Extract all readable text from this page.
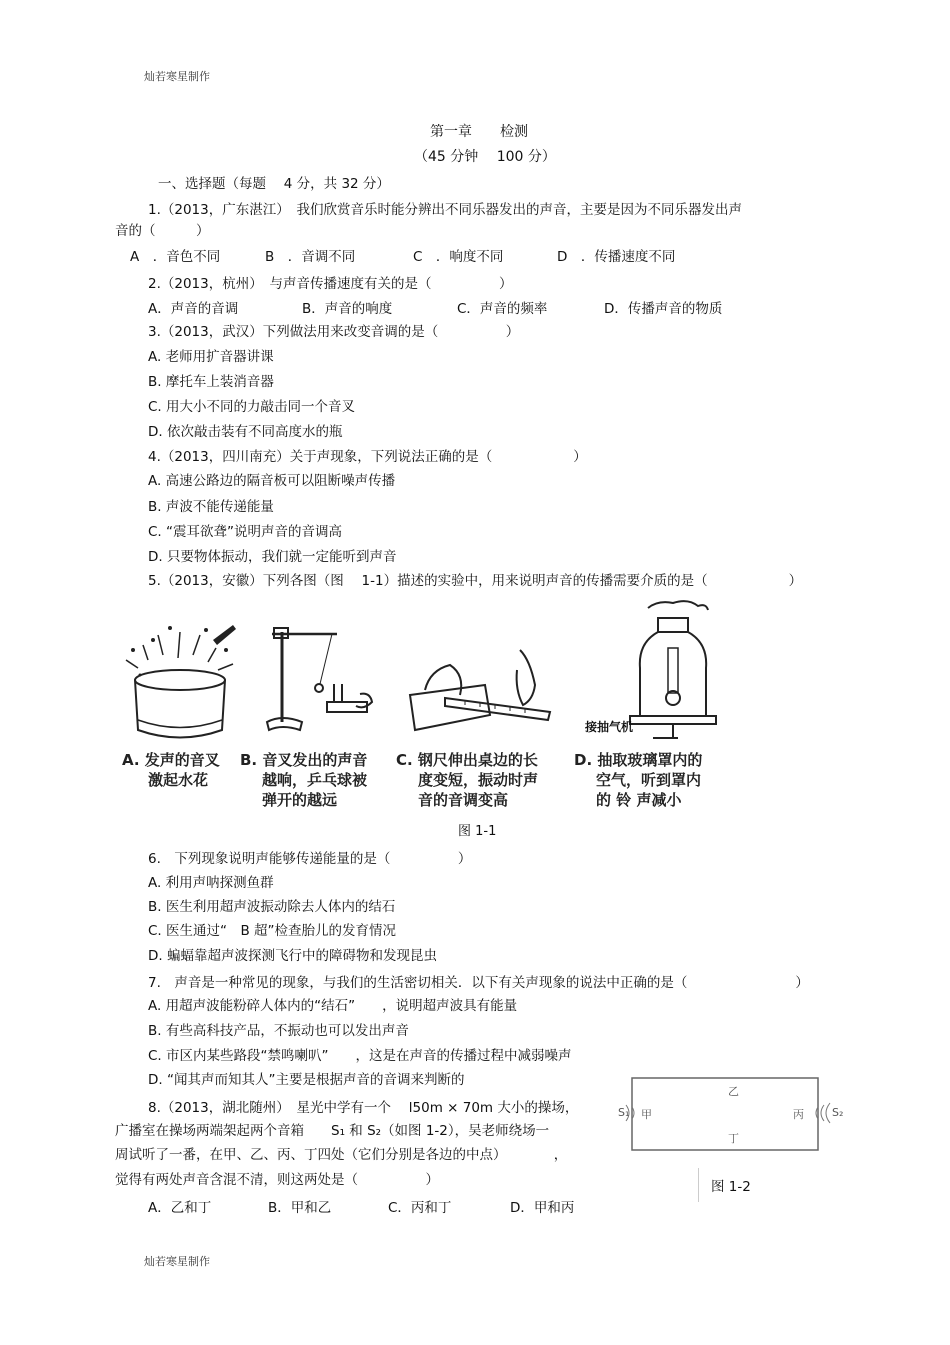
灿若寒星制作
灿若寒星制作
第一章　　检测
（45 分钟　 100 分）
一、选择题（每题　 4 分，共 32 分）
1.（2013，广东湛江）　我们欣赏音乐时能分辨出不同乐器发出的声音，主要是因为不同乐器发出声
音的（　　　）
A　．音色不同	B　．音调不同	C　．响度不同	D　．传播速度不同
2.（2013，杭州）　与声音传播速度有关的是（　　　　　）
A．声音的音调	B．声音的响度	C．声音的频率	D．传播声音的物质
3.（2013，武汉）下列做法用来改变音调的是（　　　　　）
A. 老师用扩音器讲课
B. 摩托车上装消音器
C. 用大小不同的力敲击同一个音叉
D. 依次敲击装有不同高度水的瓶
4.（2013，四川南充）关于声现象，下列说法正确的是（　　　　　　）
A. 高速公路边的隔音板可以阻断噪声传播
B. 声波不能传递能量
C. “震耳欲聋”说明声音的音调高
D. 只要物体振动，我们就一定能听到声音
5.（2013，安徽）下列各图（图　 1-1）描述的实验中，用来说明声音的传播需要介质的是（　　　　　　）
接抽气机
A. 发声的音叉
激起水花
B. 音叉发出的声音
越响，乒乓球被
弹开的越远
C. 钢尺伸出桌边的长
度变短，振动时声
音的音调变高
D. 抽取玻璃罩内的
空气，听到罩内
的 铃 声减小
图 1-1
6.　下列现象说明声能够传递能量的是（　　　　　）
A. 利用声呐探测鱼群
B. 医生利用超声波振动除去人体内的结石
C. 医生通过“　B 超”检查胎儿的发育情况
D. 蝙蝠靠超声波探测飞行中的障碍物和发现昆虫
7.　声音是一种常见的现象，与我们的生活密切相关．以下有关声现象的说法中正确的是（　　　　　　　　）
A. 用超声波能粉碎人体内的“结石”　　，说明超声波具有能量
B. 有些高科技产品，不振动也可以发出声音
C. 市区内某些路段“禁鸣喇叭”　　，这是在声音的传播过程中减弱噪声
D. “闻其声而知其人”主要是根据声音的音调来判断的
8.（2013，湖北随州）　星光中学有一个　 l50m × 70m 大小的操场，
广播室在操场两端架起两个音箱　　S₁ 和 S₂（如图 1-2），吴老师绕场一
周试听了一番，在甲、乙、丙、丁四处（它们分别是各边的中点）　　　　，
觉得有两处声音含混不清，则这两处是（　　　　　）
A．乙和丁	B．甲和乙	C．丙和丁	D．甲和丙
S₁ 甲
乙
丙
丁
S₂
图 1-2
